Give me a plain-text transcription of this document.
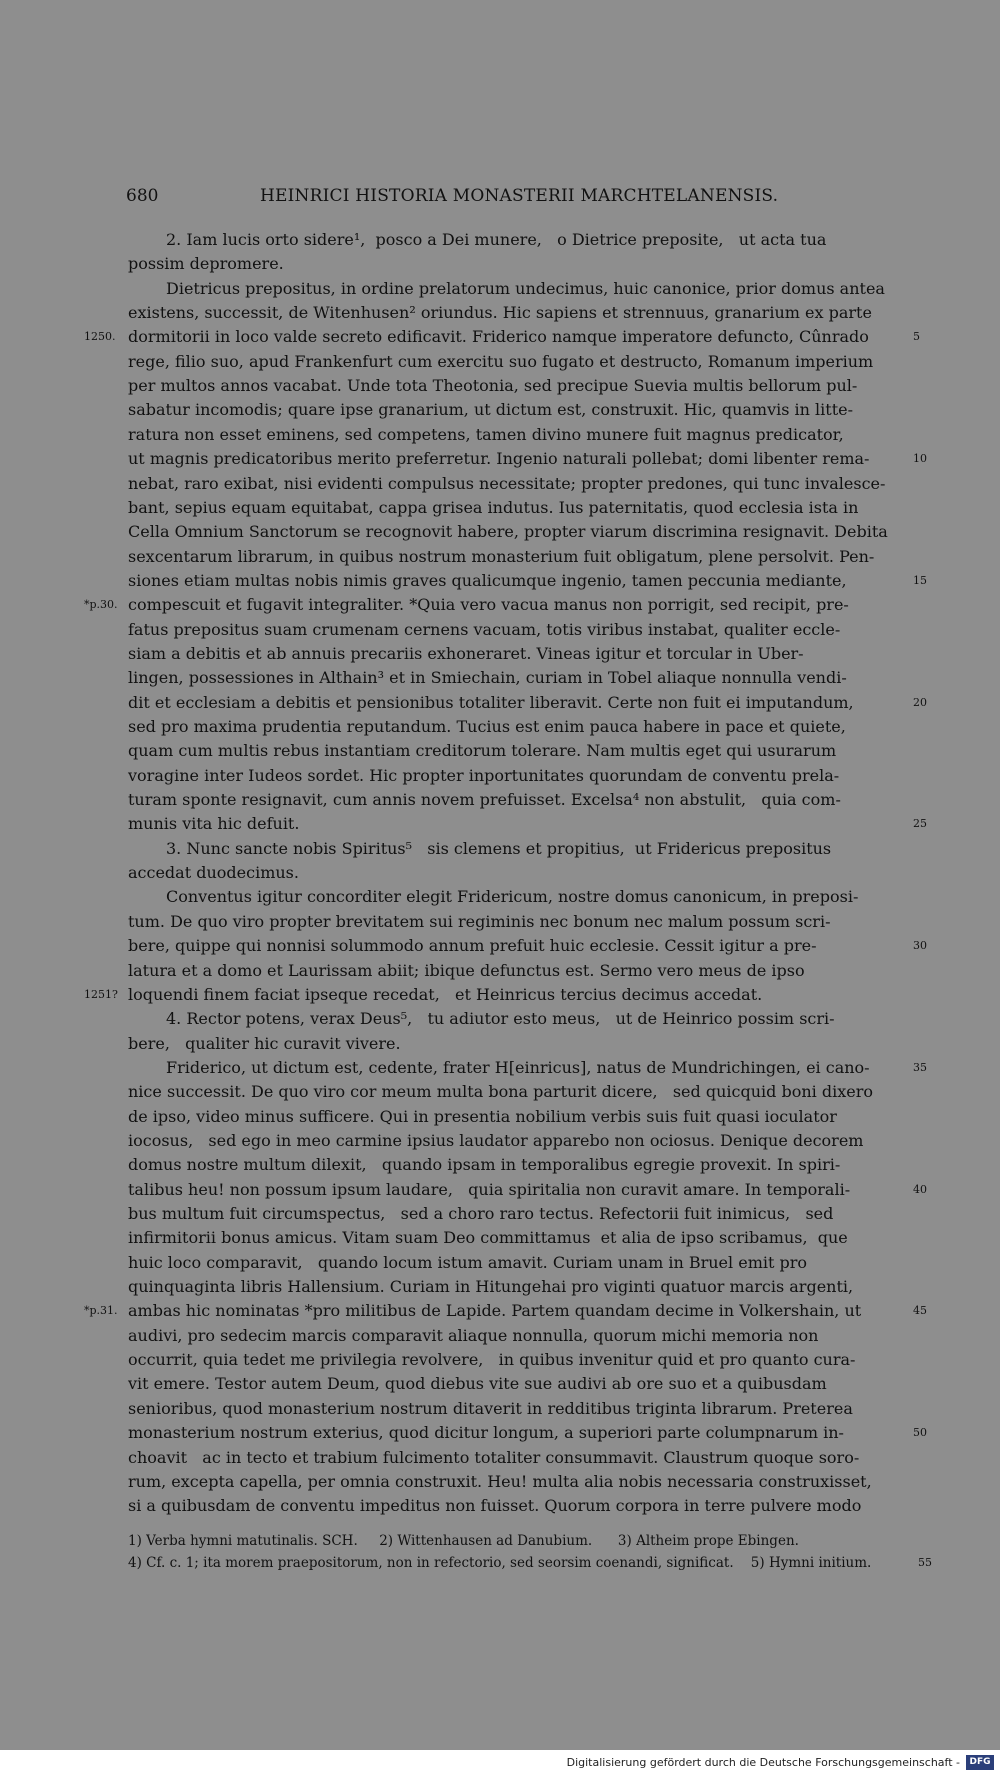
680	HEINRICI HISTORIA MONASTERII MARCHTELANENSIS.
2. Iam lucis orto sidere¹,  posco a Dei munere,   o Dietrice preposite,   ut acta tua
possim depromere.
Dietricus prepositus, in ordine prelatorum undecimus, huic canonice, prior domus antea
existens, successit, de Witenhusen² oriundus. Hic sapiens et strennuus, granarium ex parte
dormitorii in loco valde secreto edificavit. Friderico namque imperatore defuncto, Cûnrado
1250.	5
rege, filio suo, apud Frankenfurt cum exercitu suo fugato et destructo, Romanum imperium
per multos annos vacabat. Unde tota Theotonia, sed precipue Suevia multis bellorum pul-
sabatur incomodis; quare ipse granarium, ut dictum est, construxit. Hic, quamvis in litte-
ratura non esset eminens, sed competens, tamen divino munere fuit magnus predicator,
ut magnis predicatoribus merito preferretur. Ingenio naturali pollebat; domi libenter rema-	10
nebat, raro exibat, nisi evidenti compulsus necessitate; propter predones, qui tunc invalesce-
bant, sepius equam equitabat, cappa grisea indutus. Ius paternitatis, quod ecclesia ista in
Cella Omnium Sanctorum se recognovit habere, propter viarum discrimina resignavit. Debita
sexcentarum librarum, in quibus nostrum monasterium fuit obligatum, plene persolvit. Pen-
siones etiam multas nobis nimis graves qualicumque ingenio, tamen peccunia mediante,	15
compescuit et fugavit integraliter. *Quia vero vacua manus non porrigit, sed recipit, pre-
*p.30.
fatus prepositus suam crumenam cernens vacuam, totis viribus instabat, qualiter eccle-
siam a debitis et ab annuis precariis exhoneraret. Vineas igitur et torcular in Uber-
lingen, possessiones in Althain³ et in Smiechain, curiam in Tobel aliaque nonnulla vendi-
dit et ecclesiam a debitis et pensionibus totaliter liberavit. Certe non fuit ei imputandum,	20
sed pro maxima prudentia reputandum. Tucius est enim pauca habere in pace et quiete,
quam cum multis rebus instantiam creditorum tolerare. Nam multis eget qui usurarum
voragine inter Iudeos sordet. Hic propter inportunitates quorundam de conventu prela-
turam sponte resignavit, cum annis novem prefuisset. Excelsa⁴ non abstulit,   quia com-
munis vita hic defuit.	25
3. Nunc sancte nobis Spiritus⁵   sis clemens et propitius,  ut Fridericus prepositus
accedat duodecimus.
Conventus igitur concorditer elegit Fridericum, nostre domus canonicum, in preposi-
tum. De quo viro propter brevitatem sui regiminis nec bonum nec malum possum scri-
bere, quippe qui nonnisi solummodo annum prefuit huic ecclesie. Cessit igitur a pre-	30
latura et a domo et Laurissam abiit; ibique defunctus est. Sermo vero meus de ipso
loquendi finem faciat ipseque recedat,   et Heinricus tercius decimus accedat.
1251?
4. Rector potens, verax Deus⁵,   tu adiutor esto meus,   ut de Heinrico possim scri-
bere,   qualiter hic curavit vivere.
Friderico, ut dictum est, cedente, frater H[einricus], natus de Mundrichingen, ei cano-	35
nice successit. De quo viro cor meum multa bona parturit dicere,   sed quicquid boni dixero
de ipso, video minus sufficere. Qui in presentia nobilium verbis suis fuit quasi ioculator
iocosus,   sed ego in meo carmine ipsius laudator apparebo non ociosus. Denique decorem
domus nostre multum dilexit,   quando ipsam in temporalibus egregie provexit. In spiri-
talibus heu! non possum ipsum laudare,   quia spiritalia non curavit amare. In temporali-	40
bus multum fuit circumspectus,   sed a choro raro tectus. Refectorii fuit inimicus,   sed
infirmitorii bonus amicus. Vitam suam Deo committamus  et alia de ipso scribamus,  que
huic loco comparavit,   quando locum istum amavit. Curiam unam in Bruel emit pro
quinquaginta libris Hallensium. Curiam in Hitungehai pro viginti quatuor marcis argenti,
ambas hic nominatas *pro militibus de Lapide. Partem quandam decime in Volkershain, ut
*p.31.	45
audivi, pro sedecim marcis comparavit aliaque nonnulla, quorum michi memoria non
occurrit, quia tedet me privilegia revolvere,   in quibus invenitur quid et pro quanto cura-
vit emere. Testor autem Deum, quod diebus vite sue audivi ab ore suo et a quibusdam
senioribus, quod monasterium nostrum ditaverit in redditibus triginta librarum. Preterea
monasterium nostrum exterius, quod dicitur longum, a superiori parte columpnarum in-	50
choavit   ac in tecto et trabium fulcimento totaliter consummavit. Claustrum quoque soro-
rum, excepta capella, per omnia construxit. Heu! multa alia nobis necessaria construxisset,
si a quibusdam de conventu impeditus non fuisset. Quorum corpora in terre pulvere modo
1) Verba hymni matutinalis. SCH.     2) Wittenhausen ad Danubium.      3) Altheim prope Ebingen.
4) Cf. c. 1; ita morem praepositorum, non in refectorio, sed seorsim coenandi, significat.    5) Hymni initium.	55
Digitalisierung gefördert durch die Deutsche Forschungsgemeinschaft -	DFG
